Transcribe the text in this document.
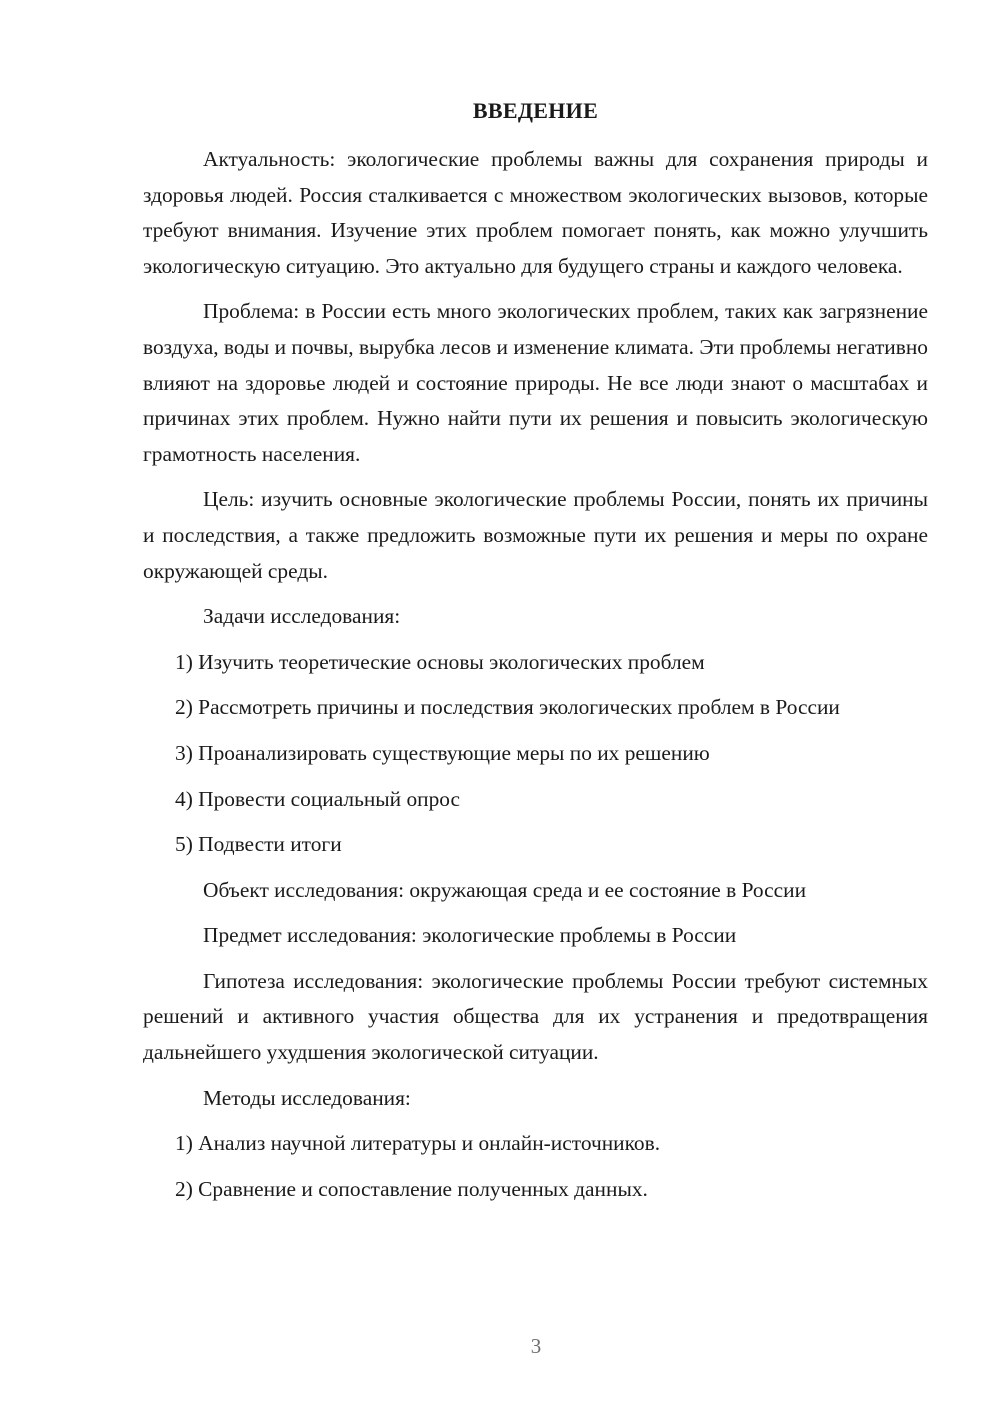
ВВЕДЕНИЕ

Актуальность: экологические проблемы важны для сохранения природы и здоровья людей. Россия сталкивается с множеством экологических вызовов, которые требуют внимания. Изучение этих проблем помогает понять, как можно улучшить экологическую ситуацию. Это актуально для будущего страны и каждого человека.

Проблема: в России есть много экологических проблем, таких как загрязнение воздуха, воды и почвы, вырубка лесов и изменение климата. Эти проблемы негативно влияют на здоровье людей и состояние природы. Не все люди знают о масштабах и причинах этих проблем. Нужно найти пути их решения и повысить экологическую грамотность населения.

Цель: изучить основные экологические проблемы России, понять их причины и последствия, а также предложить возможные пути их решения и меры по охране окружающей среды.

Задачи исследования:

1) Изучить теоретические основы экологических проблем

2) Рассмотреть причины и последствия экологических проблем в России

3) Проанализировать существующие меры по их решению

4) Провести социальный опрос

5) Подвести итоги

Объект исследования: окружающая среда и ее состояние в России

Предмет исследования: экологические проблемы в России

Гипотеза исследования: экологические проблемы России требуют системных решений и активного участия общества для их устранения и предотвращения дальнейшего ухудшения экологической ситуации.

Методы исследования:

1) Анализ научной литературы и онлайн-источников.

2) Сравнение и сопоставление полученных данных.

3
